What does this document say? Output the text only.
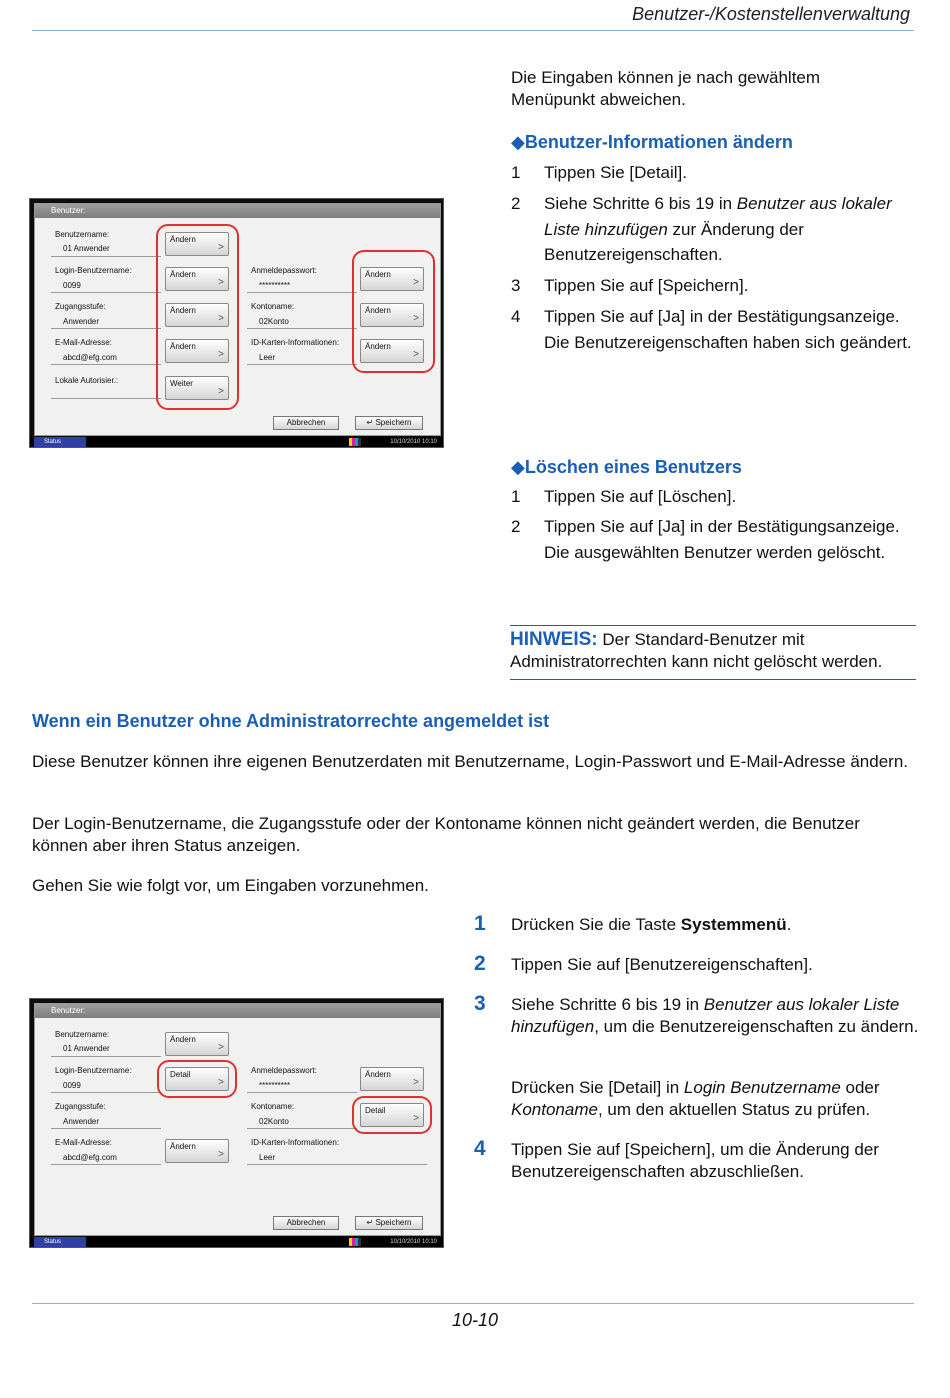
Benutzer-/Kostenstellenverwaltung
Die Eingaben können je nach gewähltem Menüpunkt abweichen.
◆Benutzer-Informationen ändern
1 Tippen Sie [Detail].
2 Siehe Schritte 6 bis 19 in Benutzer aus lokaler Liste hinzufügen zur Änderung der Benutzereigenschaften.
3 Tippen Sie auf [Speichern].
4 Tippen Sie auf [Ja] in der Bestätigungsanzeige. Die Benutzereigenschaften haben sich geändert.
Benutzer:
Benutzername:
01 Anwender
Ändern
>
Login-Benutzername:
0099
Ändern
>
Zugangsstufe:
Anwender
Ändern
>
E-Mail-Adresse:
abcd@efg.com
Ändern
>
Lokale Autorisier.:	Weiter
>
Anmeldepasswort:
**********
Ändern
>
Kontoname:
02Konto
Ändern
>
ID-Karten-Informationen:
Leer
Ändern
>
Abbrechen	↵ Speichern
Status	10/10/2010 10:10
◆Löschen eines Benutzers
1 Tippen Sie auf [Löschen].
2 Tippen Sie auf [Ja] in der Bestätigungsanzeige. Die ausgewählten Benutzer werden gelöscht.
HINWEIS: Der Standard-Benutzer mit Administratorrechten kann nicht gelöscht werden.
Wenn ein Benutzer ohne Administratorrechte angemeldet ist
Diese Benutzer können ihre eigenen Benutzerdaten mit Benutzername, Login-Passwort und E-Mail-Adresse ändern.
Der Login-Benutzername, die Zugangsstufe oder der Kontoname können nicht geändert werden, die Benutzer können aber ihren Status anzeigen.
Gehen Sie wie folgt vor, um Eingaben vorzunehmen.
1 Drücken Sie die Taste Systemmenü.
2 Tippen Sie auf [Benutzereigenschaften].
3 Siehe Schritte 6 bis 19 in Benutzer aus lokaler Liste hinzufügen, um die Benutzereigenschaften zu ändern.
Drücken Sie [Detail] in Login Benutzername oder Kontoname, um den aktuellen Status zu prüfen.
4 Tippen Sie auf [Speichern], um die Änderung der Benutzereigenschaften abzuschließen.
Benutzer:
Benutzername:
01 Anwender
Ändern
>
Login-Benutzername:
0099
Detail
>
Zugangsstufe:
Anwender
E-Mail-Adresse:
abcd@efg.com
Ändern
>
Anmeldepasswort:
**********
Ändern
>
Kontoname:
02Konto
Detail
>
ID-Karten-Informationen:
Leer
Abbrechen	↵ Speichern
Status	10/10/2010 10:10
10-10
